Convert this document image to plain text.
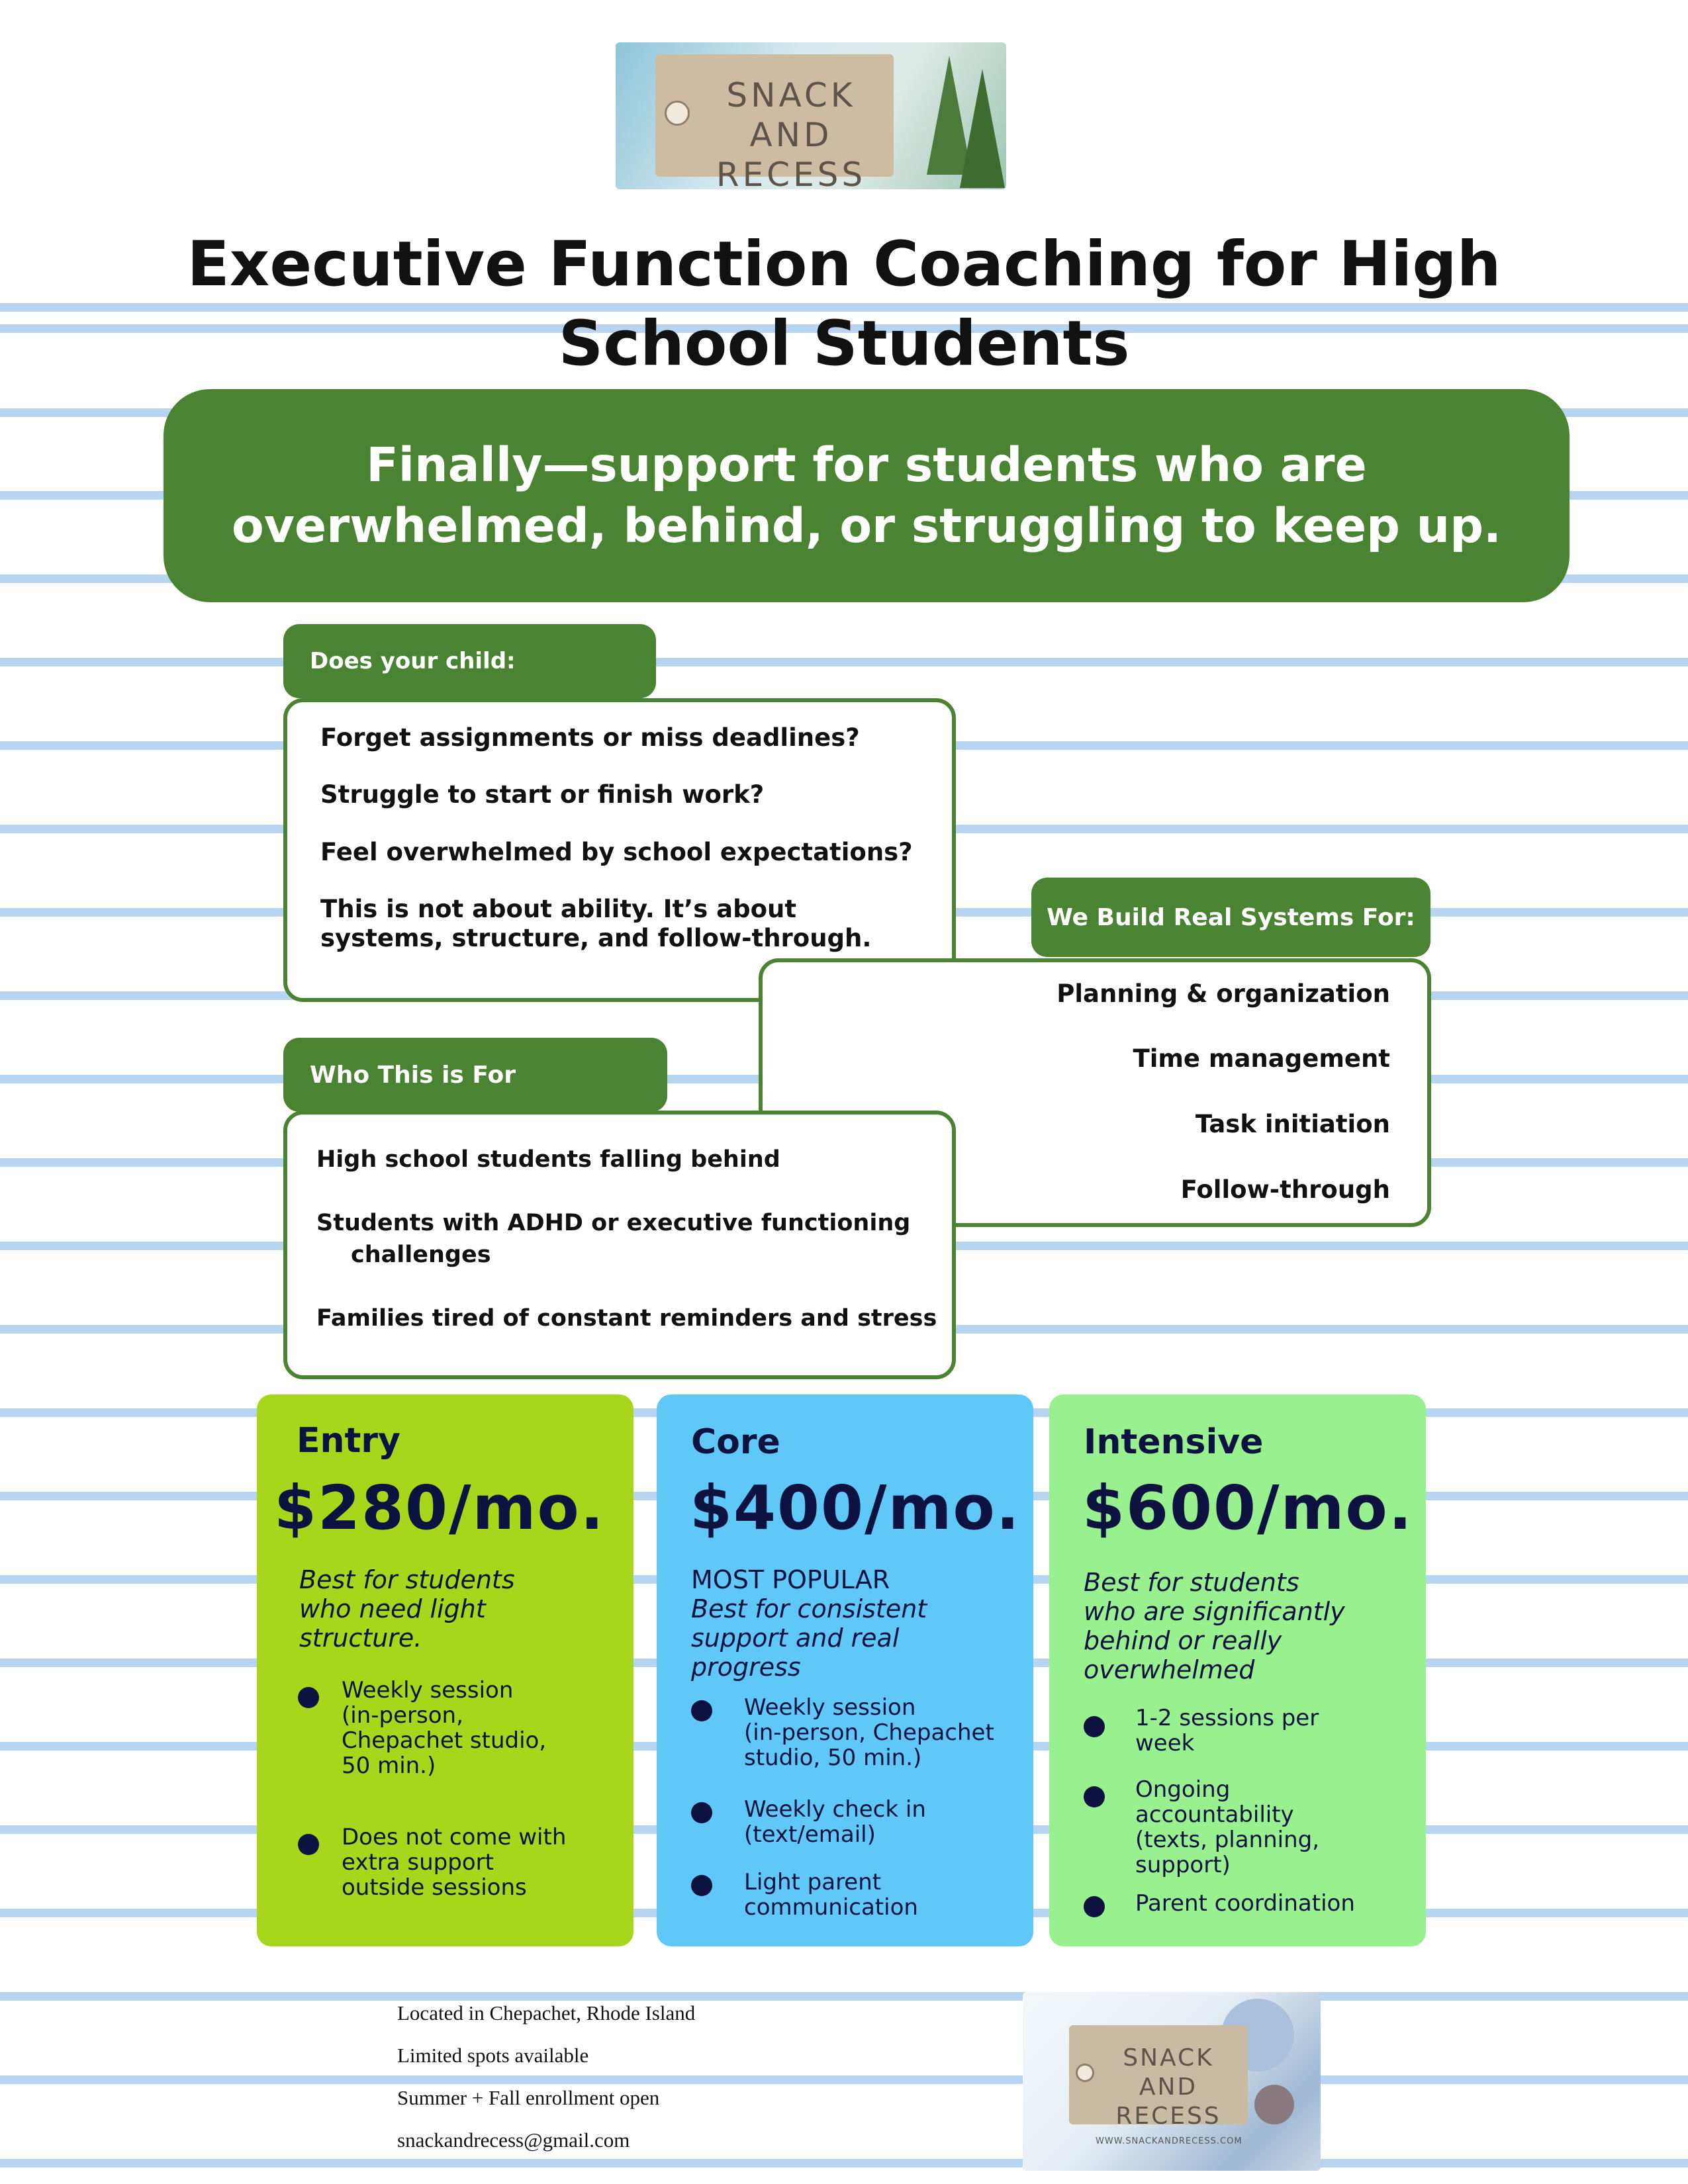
SNACK AND
RECESS
Executive Function Coaching for High
School Students
Finally—support for students who are
overwhelmed, behind, or struggling to keep up.
Does your child:

Forget assignments or miss deadlines?

Struggle to start or finish work?

Feel overwhelmed by school expectations?

This is not about ability. It’s about systems, structure, and follow-through.

We Build Real Systems For:

Planning & organization

Time management

Task initiation

Follow-through

Who This is For

High school students falling behind

Students with ADHD or executive functioning

challenges

Families tired of constant reminders and stress

Entry
$280/mo.
Best for students
who need light
structure.
Weekly session
(in-person,
Chepachet studio,
50 min.)
Does not come with
extra support
outside sessions
Core
$400/mo.
MOST POPULAR
Best for consistent
support and real
progress
Weekly session
(in-person, Chepachet
studio, 50 min.)
Weekly check in
(text/email)
Light parent
communication
Intensive
$600/mo.
Best for students
who are significantly
behind or really
overwhelmed
1-2 sessions per
week
Ongoing
accountability
(texts, planning,
support)
Parent coordination
Located in Chepachet, Rhode Island
Limited spots available
Summer + Fall enrollment open
snackandrecess@gmail.com
SNACK AND
RECESS
WWW.SNACKANDRECESS.COM
